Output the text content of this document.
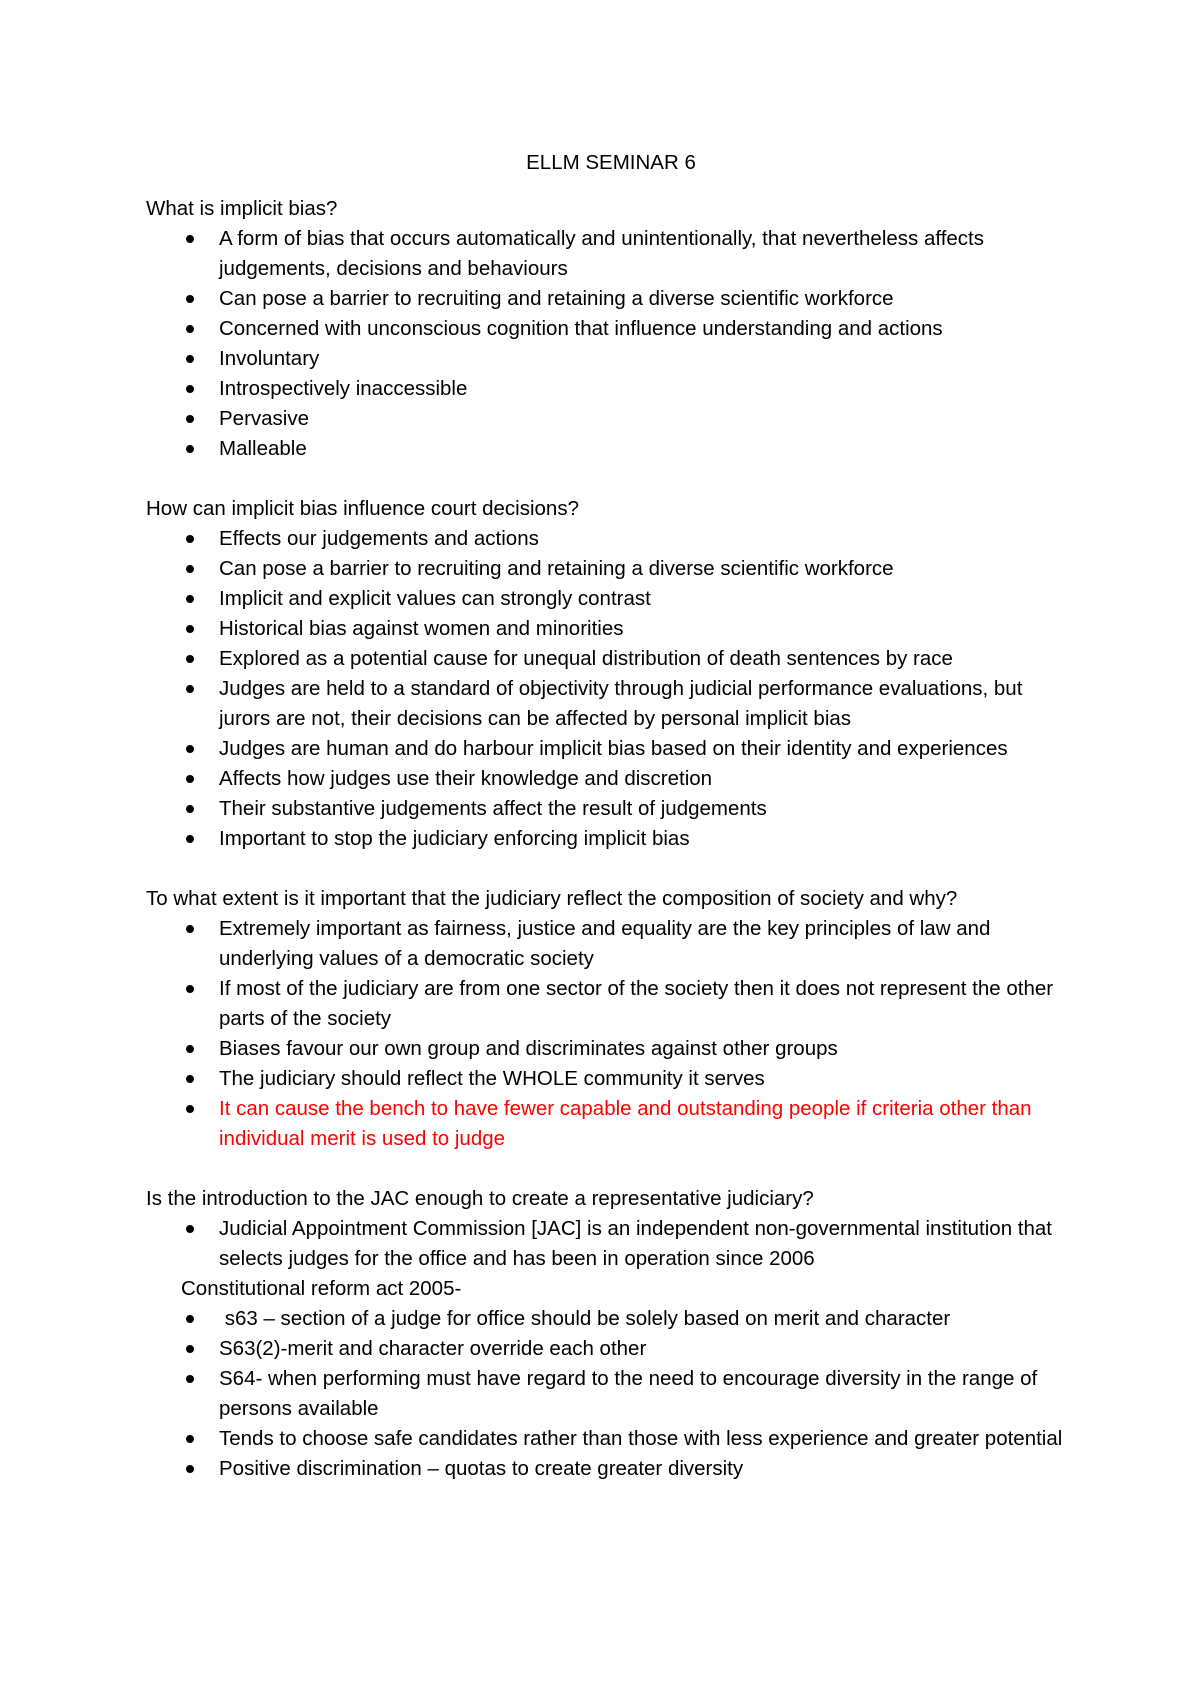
ELLM SEMINAR 6

What is implicit bias?

A form of bias that occurs automatically and unintentionally, that nevertheless affects judgements, decisions and behaviours
Can pose a barrier to recruiting and retaining a diverse scientific workforce
Concerned with unconscious cognition that influence understanding and actions
Involuntary
Introspectively inaccessible
Pervasive
Malleable

How can implicit bias influence court decisions?

Effects our judgements and actions
Can pose a barrier to recruiting and retaining a diverse scientific workforce
Implicit and explicit values can strongly contrast
Historical bias against women and minorities
Explored as a potential cause for unequal distribution of death sentences by race
Judges are held to a standard of objectivity through judicial performance evaluations, but jurors are not, their decisions can be affected by personal implicit bias
Judges are human and do harbour implicit bias based on their identity and experiences
Affects how judges use their knowledge and discretion
Their substantive judgements affect the result of judgements
Important to stop the judiciary enforcing implicit bias

To what extent is it important that the judiciary reflect the composition of society and why?

Extremely important as fairness, justice and equality are the key principles of law and underlying values of a democratic society
If most of the judiciary are from one sector of the society then it does not represent the other parts of the society
Biases favour our own group and discriminates against other groups
The judiciary should reflect the WHOLE community it serves
It can cause the bench to have fewer capable and outstanding people if criteria other than individual merit is used to judge

Is the introduction to the JAC enough to create a representative judiciary?

Judicial Appointment Commission [JAC] is an independent non-governmental institution that selects judges for the office and has been in operation since 2006

Constitutional reform act 2005-

s63 – section of a judge for office should be solely based on merit and character
S63(2)-merit and character override each other
S64- when performing must have regard to the need to encourage diversity in the range of persons available
Tends to choose safe candidates rather than those with less experience and greater potential
Positive discrimination – quotas to create greater diversity
